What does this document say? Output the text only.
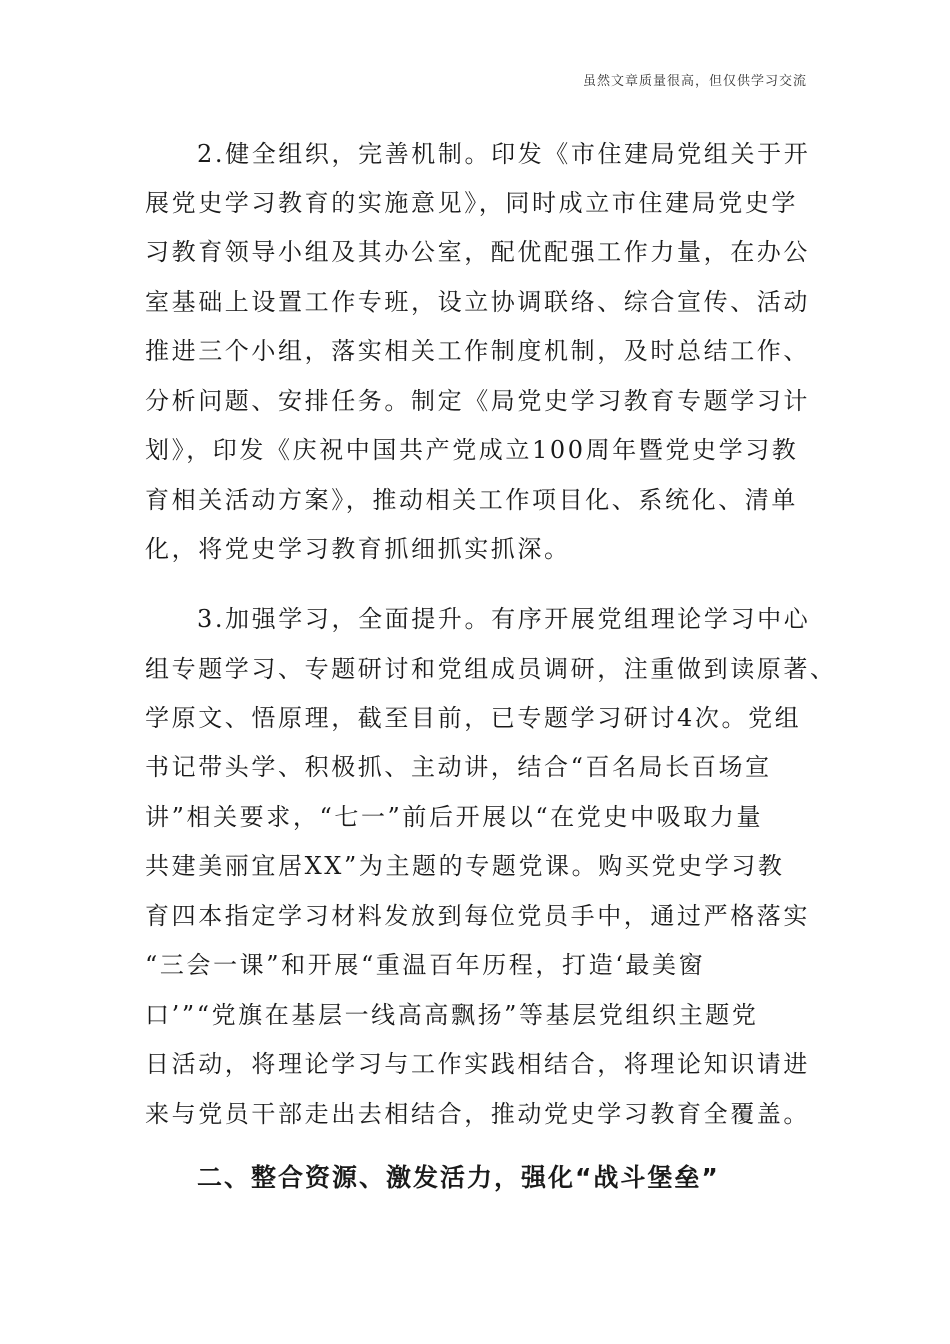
虽然文章质量很高，但仅供学习交流
2.健全组织，完善机制。印发《市住建局党组关于开
展党史学习教育的实施意见》，同时成立市住建局党史学
习教育领导小组及其办公室，配优配强工作力量，在办公
室基础上设置工作专班，设立协调联络、综合宣传、活动
推进三个小组，落实相关工作制度机制，及时总结工作、
分析问题、安排任务。制定《局党史学习教育专题学习计
划》，印发《庆祝中国共产党成立100周年暨党史学习教
育相关活动方案》，推动相关工作项目化、系统化、清单
化，将党史学习教育抓细抓实抓深。
3.加强学习，全面提升。有序开展党组理论学习中心
组专题学习、专题研讨和党组成员调研，注重做到读原著、
学原文、悟原理，截至目前，已专题学习研讨4次。党组
书记带头学、积极抓、主动讲，结合“百名局长百场宣
讲”相关要求，“七一”前后开展以“在党史中吸取力量
共建美丽宜居XX”为主题的专题党课。购买党史学习教
育四本指定学习材料发放到每位党员手中，通过严格落实
“三会一课”和开展“重温百年历程，打造‘最美窗
口’”“党旗在基层一线高高飘扬”等基层党组织主题党
日活动，将理论学习与工作实践相结合，将理论知识请进
来与党员干部走出去相结合，推动党史学习教育全覆盖。
二、整合资源、激发活力，强化“战斗堡垒”
